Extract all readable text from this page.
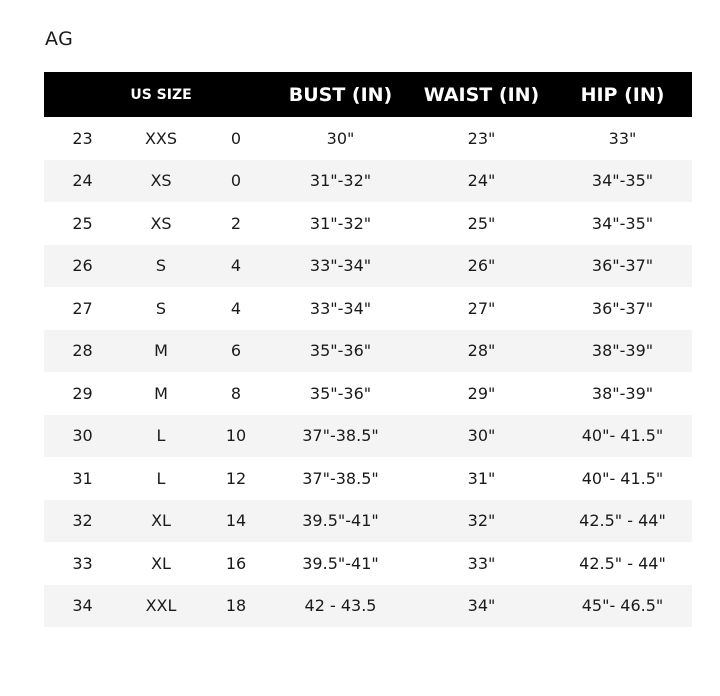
AG
	US SIZE		BUST (IN)	WAIST (IN)	HIP (IN)
23	XXS	0	30"	23"	33"
24	XS	0	31"-32"	24"	34"-35"
25	XS	2	31"-32"	25"	34"-35"
26	S	4	33"-34"	26"	36"-37"
27	S	4	33"-34"	27"	36"-37"
28	M	6	35"-36"	28"	38"-39"
29	M	8	35"-36"	29"	38"-39"
30	L	10	37"-38.5"	30"	40"- 41.5"
31	L	12	37"-38.5"	31"	40"- 41.5"
32	XL	14	39.5"-41"	32"	42.5" - 44"
33	XL	16	39.5"-41"	33"	42.5" - 44"
34	XXL	18	42 - 43.5	34"	45"- 46.5"
